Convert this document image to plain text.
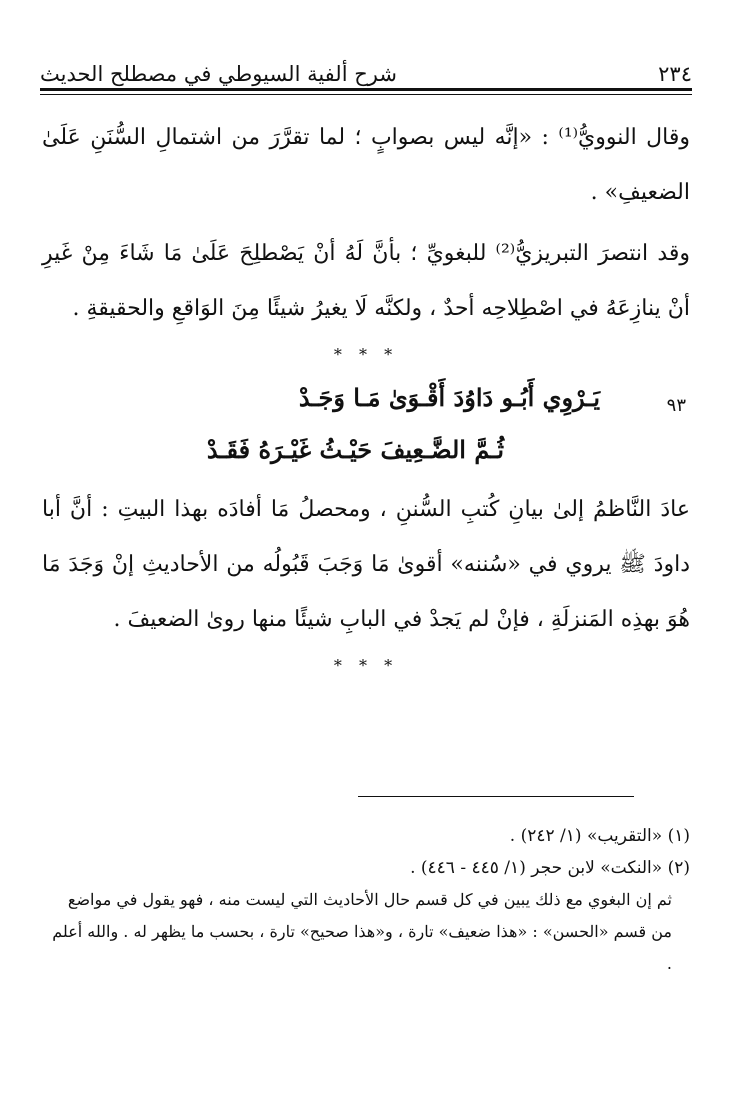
٢٣٤
شرح ألفية السيوطي في مصطلح الحديث

وقال النوويُّ⁽¹⁾ : «إنَّه ليس بصوابٍ ؛ لما تقرَّرَ من اشتمالِ السُّنَنِ عَلَىٰ الضعيفِ» .

وقد انتصرَ التبريزيُّ⁽²⁾ للبغويِّ ؛ بأنَّ لَهُ أنْ يَصْطلِحَ عَلَىٰ مَا شَاءَ مِنْ غَيرِ أنْ ينازِعَهُ في اصْطِلاحِه أحدٌ ، ولكنَّه لَا يغيرُ شيئًا مِنَ الوَاقعِ والحقيقةِ .

* * *
٩٣
يَـرْوِي أَبُـو دَاوُدَ أَقْـوَىٰ مَـا وَجَـدْ
ثُـمَّ الضَّـعِيفَ حَيْـثُ غَيْـرَهُ فَقَـدْ

عادَ النَّاظمُ إلىٰ بيانِ كُتبِ السُّننِ ، ومحصلُ مَا أفادَه بهذا البيتِ : أنَّ أبا داودَ ﷺ يروي في «سُننه» أقوىٰ مَا وَجَبَ قَبُولُه من الأحاديثِ إنْ وَجَدَ مَا هُوَ بهذِه المَنزلَةِ ، فإنْ لم يَجدْ في البابِ شيئًا منها روىٰ الضعيفَ .

* * *

(١) «التقريب» (١/ ٢٤٢) .

(٢) «النكت» لابن حجر (١/ ٤٤٥ - ٤٤٦) .

ثم إن البغوي مع ذلك يبين في كل قسم حال الأحاديث التي ليست منه ، فهو يقول في مواضع من قسم «الحسن» : «هذا ضعيف» تارة ، و«هذا صحيح» تارة ، بحسب ما يظهر له . والله أعلم .
